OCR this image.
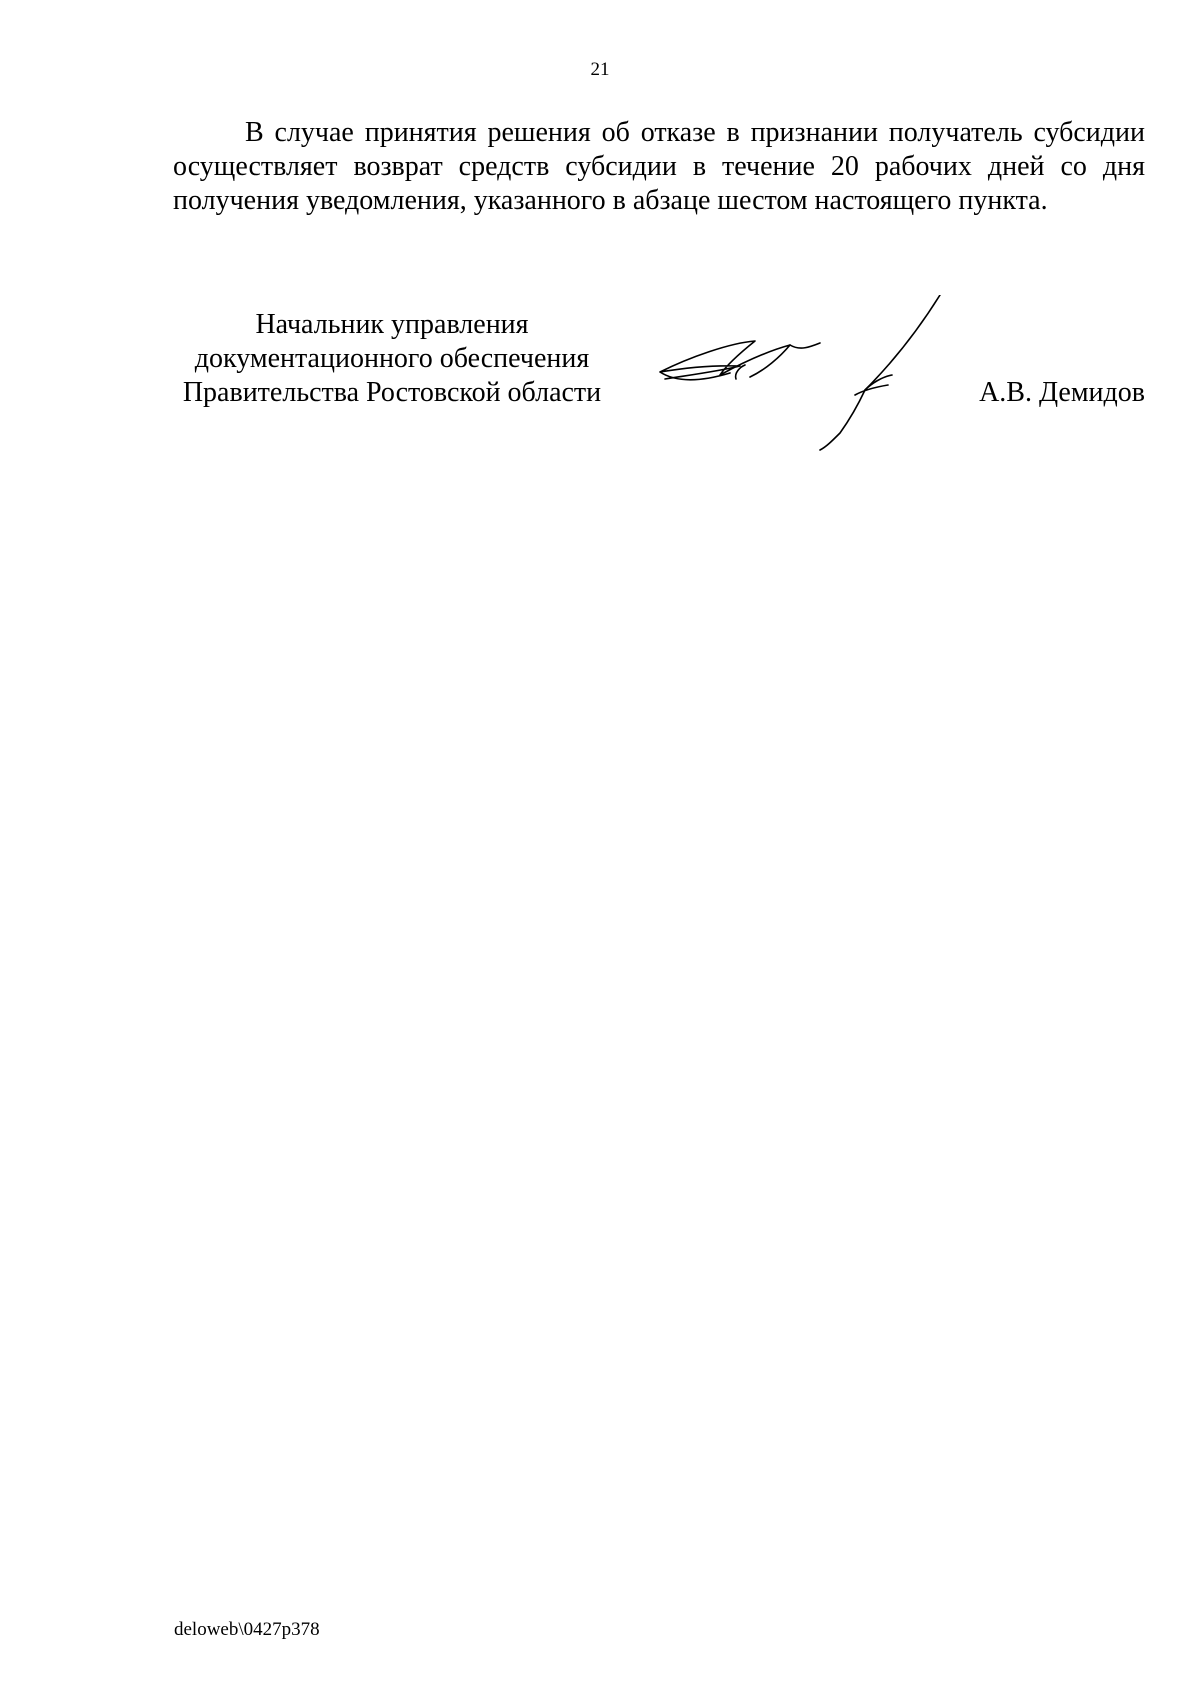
21

В случае принятия решения об отказе в признании получатель субсидии осуществляет возврат средств субсидии в течение 20 рабочих дней со дня получения уведомления, указанного в абзаце шестом настоящего пункта.

Начальник управления
документационного обеспечения
Правительства Ростовской области	А.В. Демидов
deloweb\0427p378
